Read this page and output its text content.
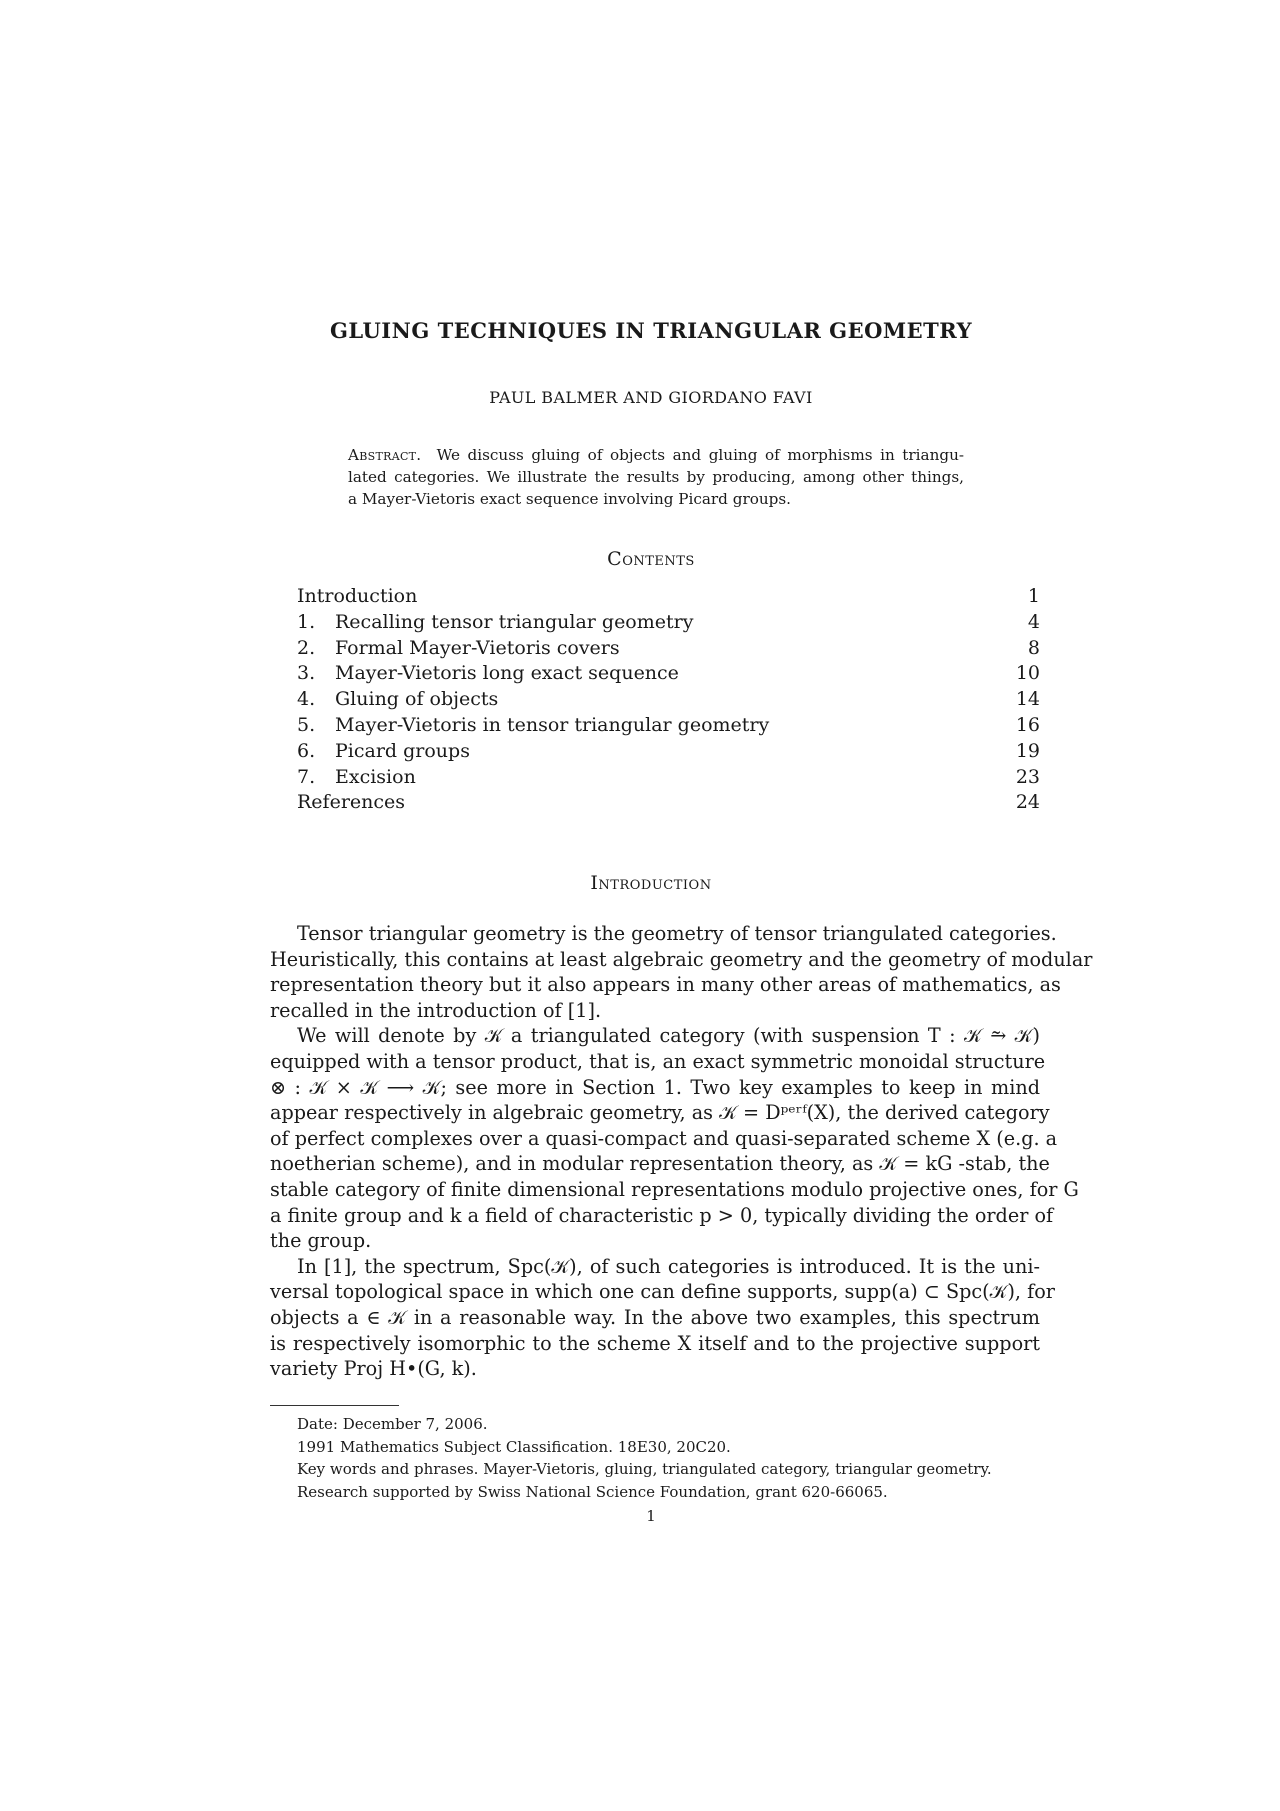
GLUING TECHNIQUES IN TRIANGULAR GEOMETRY
PAUL BALMER AND GIORDANO FAVI
Abstract. We discuss gluing of objects and gluing of morphisms in triangu-
lated categories. We illustrate the results by producing, among other things,
a Mayer-Vietoris exact sequence involving Picard groups.
Contents
Introduction	1
1.	Recalling tensor triangular geometry	4
2.	Formal Mayer-Vietoris covers	8
3.	Mayer-Vietoris long exact sequence	10
4.	Gluing of objects	14
5.	Mayer-Vietoris in tensor triangular geometry	16
6.	Picard groups	19
7.	Excision	23
References	24
Introduction
Tensor triangular geometry is the geometry of tensor triangulated categories.
Heuristically, this contains at least algebraic geometry and the geometry of modular
representation theory but it also appears in many other areas of mathematics, as
recalled in the introduction of [1].
We will denote by 𝒦 a triangulated category (with suspension T : 𝒦 ⥲ 𝒦)
equipped with a tensor product, that is, an exact symmetric monoidal structure
⊗ : 𝒦 × 𝒦 ⟶ 𝒦; see more in Section 1. Two key examples to keep in mind
appear respectively in algebraic geometry, as 𝒦 = Dᵖᵉʳᶠ(X), the derived category
of perfect complexes over a quasi-compact and quasi-separated scheme X (e.g. a
noetherian scheme), and in modular representation theory, as 𝒦 = kG -stab, the
stable category of finite dimensional representations modulo projective ones, for G
a finite group and k a field of characteristic p > 0, typically dividing the order of
the group.
In [1], the spectrum, Spc(𝒦), of such categories is introduced. It is the uni-
versal topological space in which one can define supports, supp(a) ⊂ Spc(𝒦), for
objects a ∈ 𝒦 in a reasonable way. In the above two examples, this spectrum
is respectively isomorphic to the scheme X itself and to the projective support
variety Proj H•(G, k).
Date: December 7, 2006.
1991 Mathematics Subject Classification. 18E30, 20C20.
Key words and phrases. Mayer-Vietoris, gluing, triangulated category, triangular geometry.
Research supported by Swiss National Science Foundation, grant 620-66065.
1
